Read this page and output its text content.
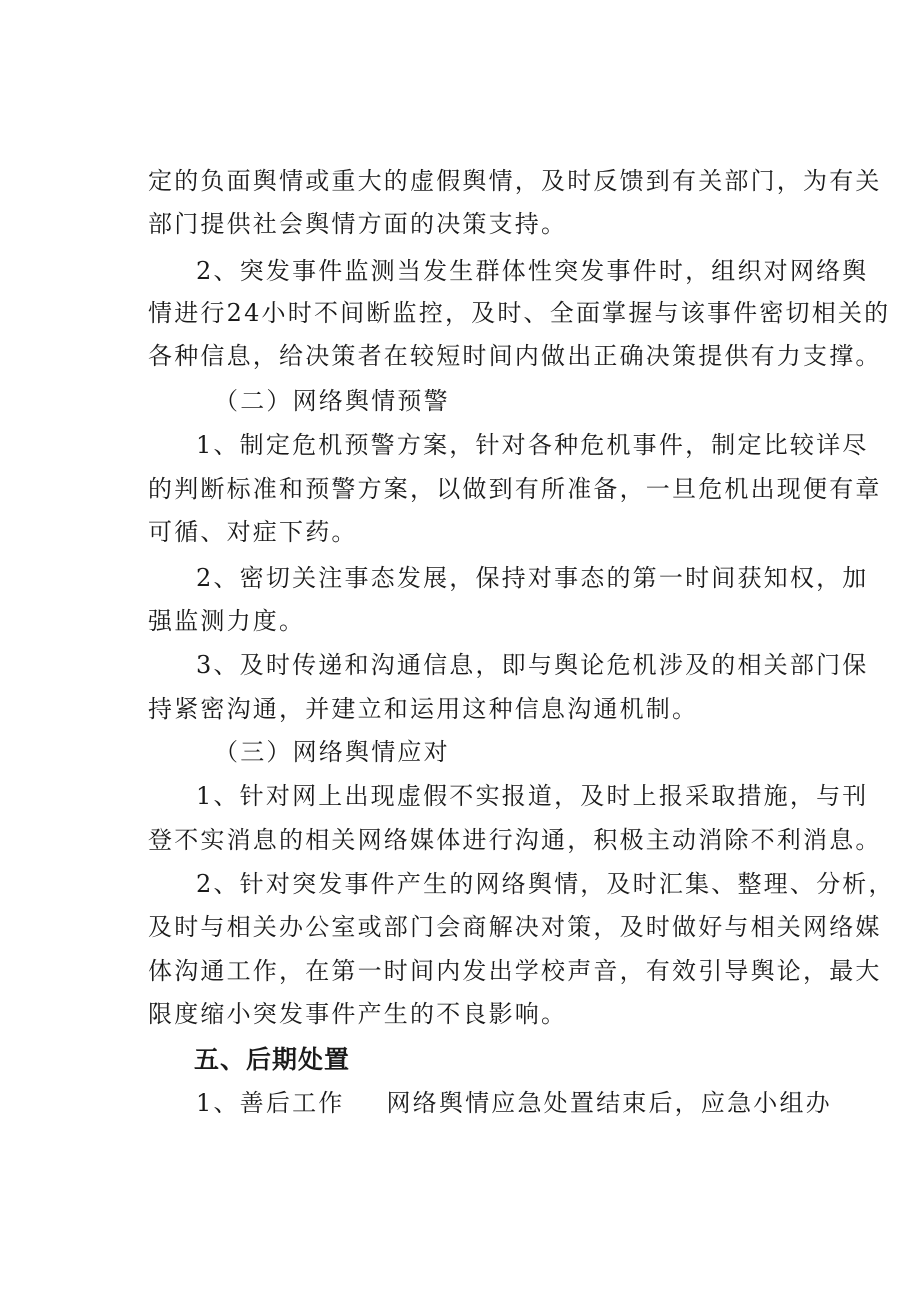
定的负面舆情或重大的虚假舆情，及时反馈到有关部门，为有关
部门提供社会舆情方面的决策支持。
2、突发事件监测当发生群体性突发事件时，组织对网络舆
情进行24小时不间断监控，及时、全面掌握与该事件密切相关的
各种信息，给决策者在较短时间内做出正确决策提供有力支撑。
（二）网络舆情预警
1、制定危机预警方案，针对各种危机事件，制定比较详尽
的判断标准和预警方案，以做到有所准备，一旦危机出现便有章
可循、对症下药。
2、密切关注事态发展，保持对事态的第一时间获知权，加
强监测力度。
3、及时传递和沟通信息，即与舆论危机涉及的相关部门保
持紧密沟通，并建立和运用这种信息沟通机制。
（三）网络舆情应对
1、针对网上出现虚假不实报道，及时上报采取措施，与刊
登不实消息的相关网络媒体进行沟通，积极主动消除不利消息。
2、针对突发事件产生的网络舆情，及时汇集、整理、分析，
及时与相关办公室或部门会商解决对策，及时做好与相关网络媒
体沟通工作，在第一时间内发出学校声音，有效引导舆论，最大
限度缩小突发事件产生的不良影响。
五、后期处置
1、善后工作 网络舆情应急处置结束后，应急小组办
